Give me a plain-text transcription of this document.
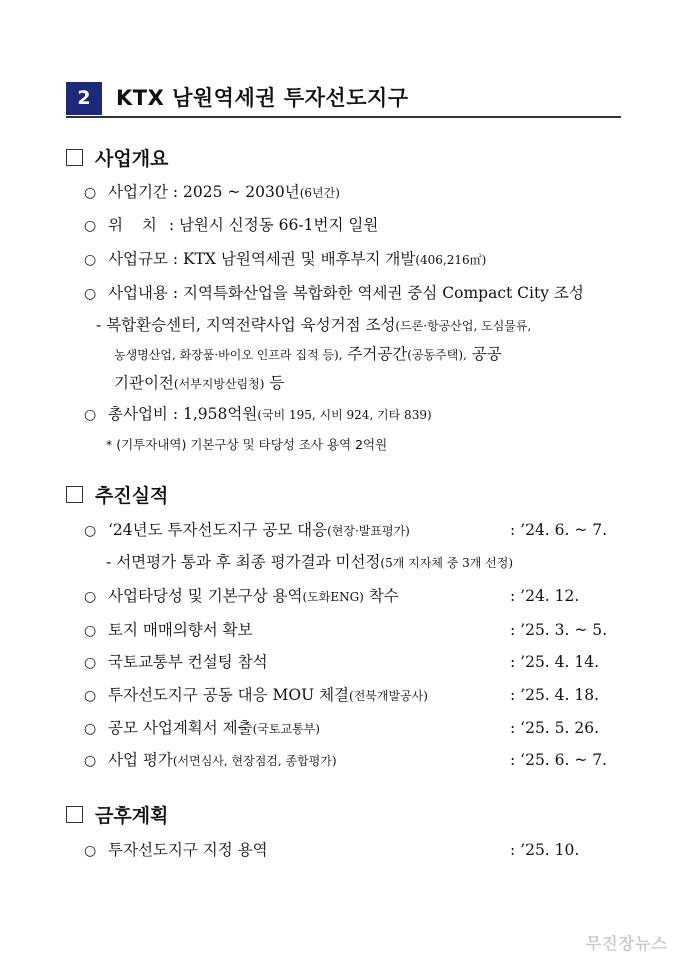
2	KTX 남원역세권 투자선도지구
사업개요
○ 사업기간 : 2025 ~ 2030년(6년간)
○ 위 치 : 남원시 신정동 66-1번지 일원
○ 사업규모 : KTX 남원역세권 및 배후부지 개발(406,216㎡)
○ 사업내용 : 지역특화산업을 복합화한 역세권 중심 Compact City 조성
- 복합환승센터, 지역전략사업 육성거점 조성(드론·항공산업, 도심물류,
농생명산업, 화장품·바이오 인프라 집적 등), 주거공간(공동주택), 공공
기관이전(서부지방산림청) 등
○ 총사업비 : 1,958억원(국비 195, 시비 924, 기타 839)
* (기투자내역) 기본구상 및 타당성 조사 용역 2억원
추진실적
○ ‘24년도 투자선도지구 공모 대응(현장·발표평가)	: ’24. 6. ~ 7.
- 서면평가 통과 후 최종 평가결과 미선정(5개 지자체 중 3개 선정)
○ 사업타당성 및 기본구상 용역(도화ENG) 착수	: ’24. 12.
○ 토지 매매의향서 확보	: ’25. 3. ~ 5.
○ 국토교통부 컨설팅 참석	: ’25. 4. 14.
○ 투자선도지구 공동 대응 MOU 체결(전북개발공사)	: ’25. 4. 18.
○ 공모 사업계획서 제출(국토교통부)	: ‘25. 5. 26.
○ 사업 평가(서면심사, 현장점검, 종합평가)	: ‘25. 6. ~ 7.
금후계획
○ 투자선도지구 지정 용역	: ’25. 10.
무진장뉴스
